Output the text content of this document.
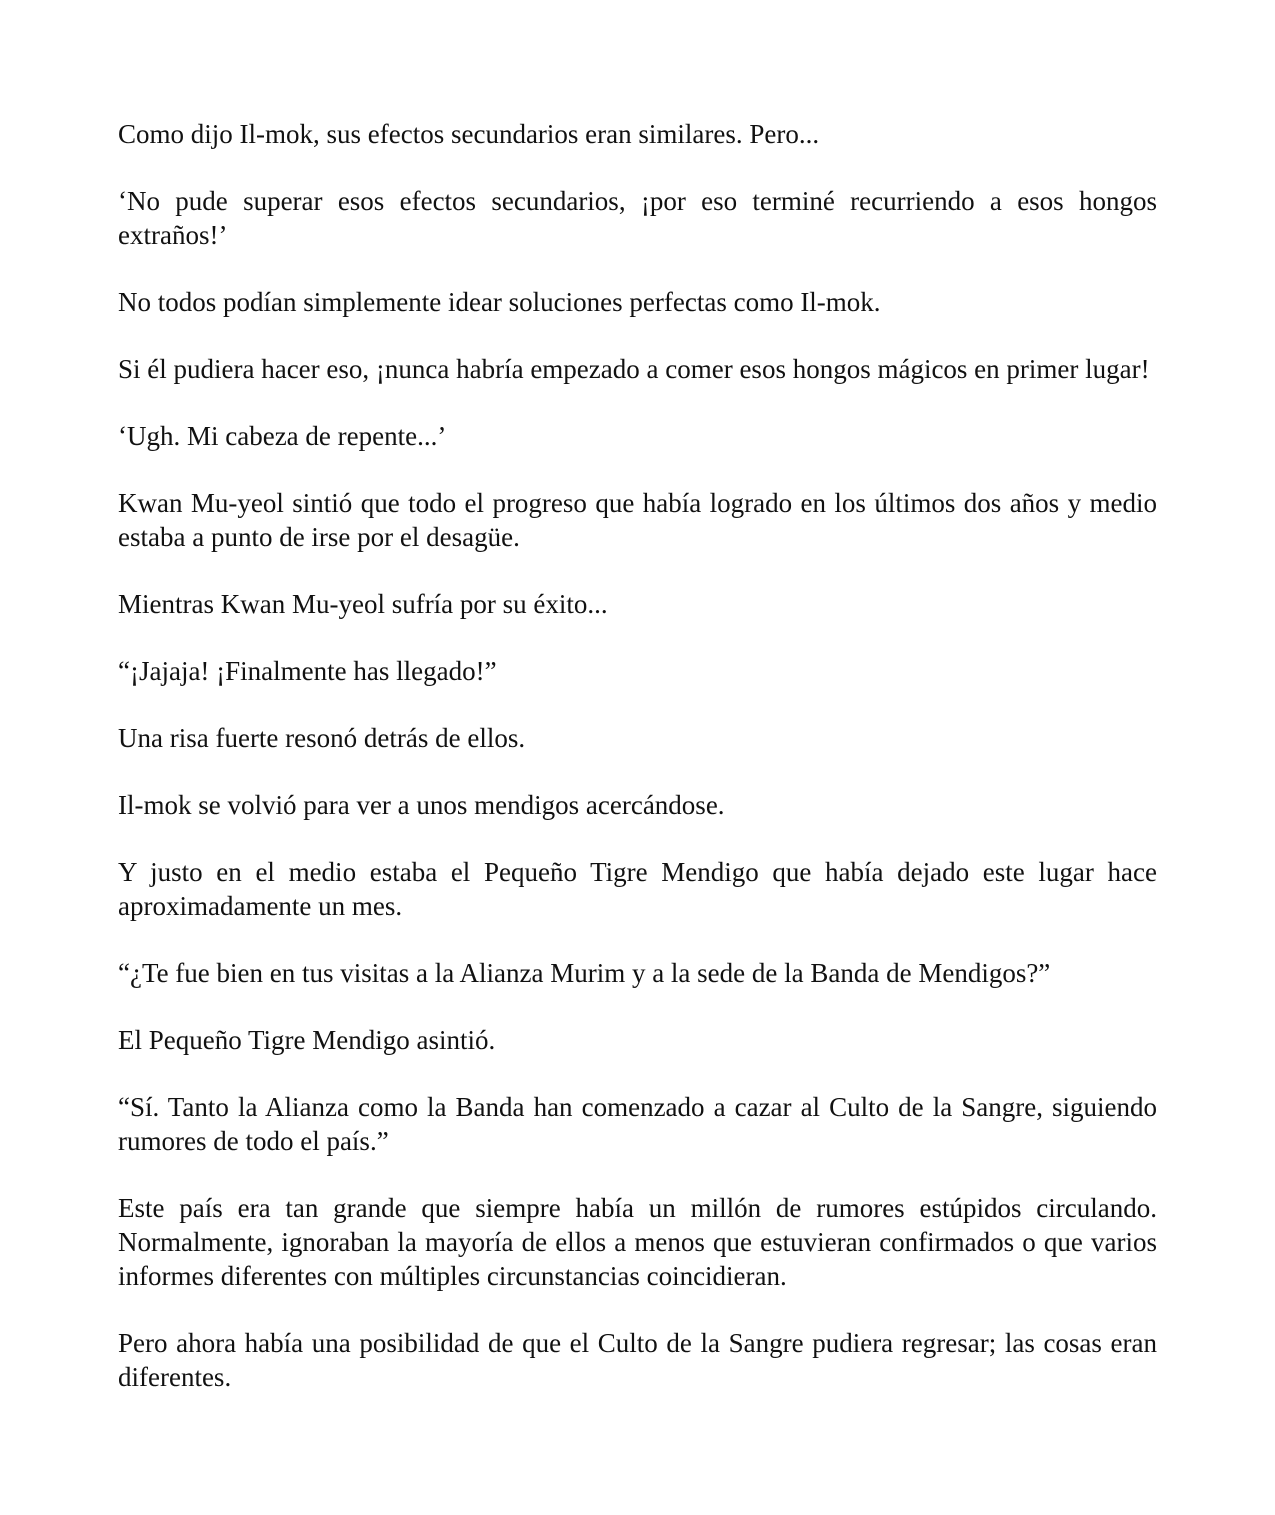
Como dijo Il-mok, sus efectos secundarios eran similares. Pero...

‘No pude superar esos efectos secundarios, ¡por eso terminé recurriendo a esos hongos extraños!’

No todos podían simplemente idear soluciones perfectas como Il-mok.

Si él pudiera hacer eso, ¡nunca habría empezado a comer esos hongos mágicos en primer lugar!

‘Ugh. Mi cabeza de repente...’

Kwan Mu-yeol sintió que todo el progreso que había logrado en los últimos dos años y medio estaba a punto de irse por el desagüe.

Mientras Kwan Mu-yeol sufría por su éxito...

“¡Jajaja! ¡Finalmente has llegado!”

Una risa fuerte resonó detrás de ellos.

Il-mok se volvió para ver a unos mendigos acercándose.

Y justo en el medio estaba el Pequeño Tigre Mendigo que había dejado este lugar hace aproximadamente un mes.

“¿Te fue bien en tus visitas a la Alianza Murim y a la sede de la Banda de Mendigos?”

El Pequeño Tigre Mendigo asintió.

“Sí. Tanto la Alianza como la Banda han comenzado a cazar al Culto de la Sangre, siguiendo rumores de todo el país.”

Este país era tan grande que siempre había un millón de rumores estúpidos circulando. Normalmente, ignoraban la mayoría de ellos a menos que estuvieran confirmados o que varios informes diferentes con múltiples circunstancias coincidieran.

Pero ahora había una posibilidad de que el Culto de la Sangre pudiera regresar; las cosas eran diferentes.
